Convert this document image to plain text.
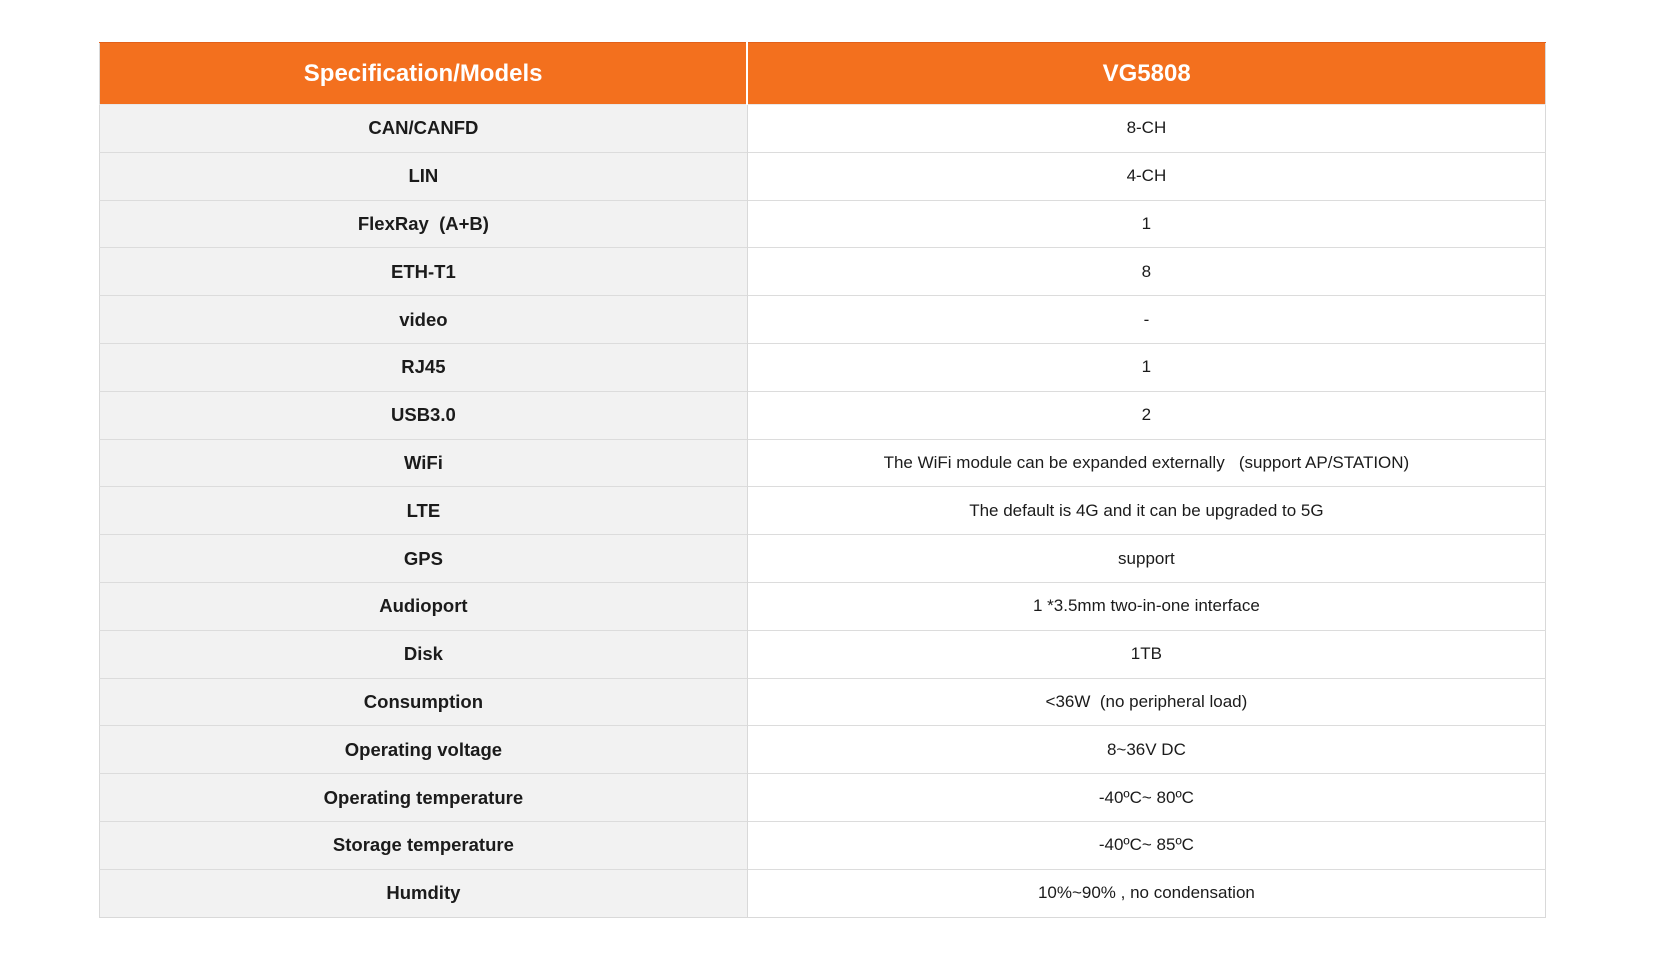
Specification/Models	VG5808
CAN/CANFD	8-CH
LIN	4-CH
FlexRay  (A+B)	1
ETH-T1	8
video	-
RJ45	1
USB3.0	2
WiFi	The WiFi module can be expanded externally   (support AP/STATION)
LTE	The default is 4G and it can be upgraded to 5G
GPS	support
Audioport	1 *3.5mm two-in-one interface
Disk	1TB
Consumption	<36W  (no peripheral load)
Operating voltage	8~36V DC
Operating temperature	-40ºC~ 80ºC
Storage temperature	-40ºC~ 85ºC
Humdity	10%~90% , no condensation
